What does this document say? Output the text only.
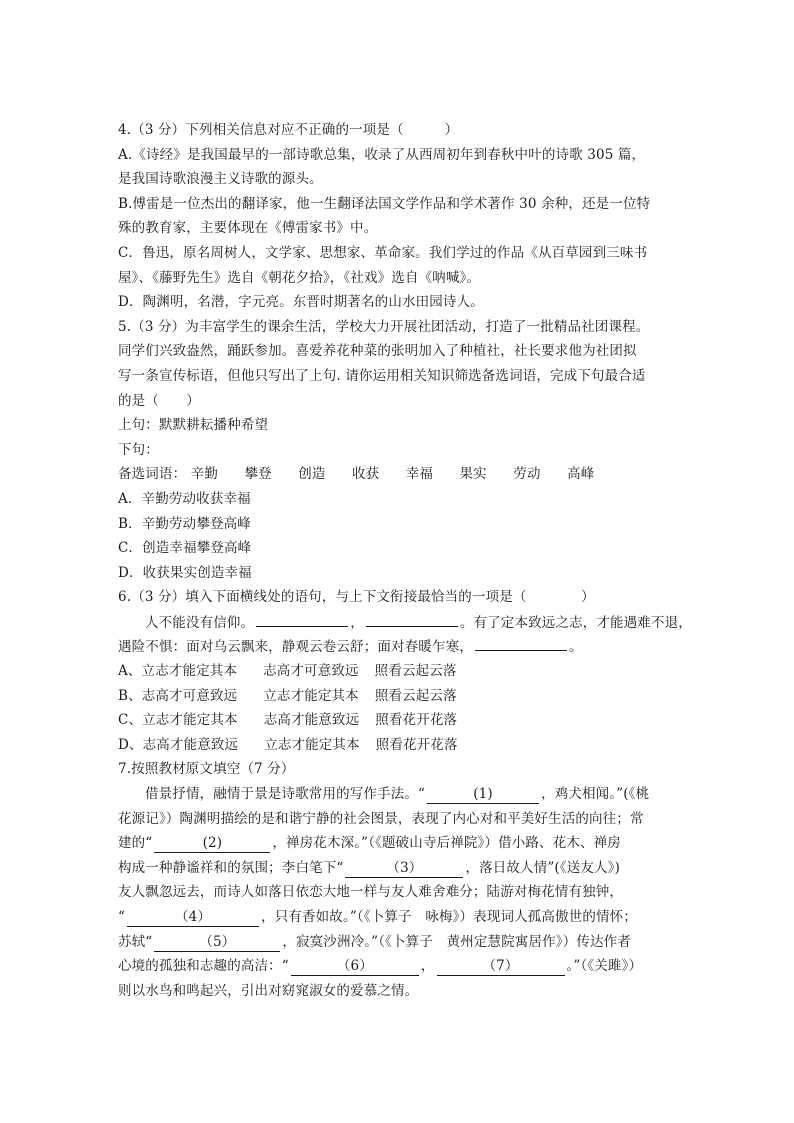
4.（3 分）下列相关信息对应不正确的一项是（　　　）
A.《诗经》是我国最早的一部诗歌总集，收录了从西周初年到春秋中叶的诗歌 305 篇，
是我国诗歌浪漫主义诗歌的源头。
B.傅雷是一位杰出的翻译家，他一生翻译法国文学作品和学术著作 30 余种，还是一位特
殊的教育家，主要体现在《傅雷家书》中。
C．鲁迅，原名周树人，文学家、思想家、革命家。我们学过的作品《从百草园到三味书
屋》、《藤野先生》选自《朝花夕拾》，《社戏》选自《呐喊》。
D．陶渊明，名潜，字元亮。东晋时期著名的山水田园诗人。
5.（3 分）为丰富学生的课余生活，学校大力开展社团活动，打造了一批精品社团课程。
同学们兴致盎然，踊跃参加。喜爱养花种菜的张明加入了种植社，社长要求他为社团拟
写一条宣传标语，但他只写出了上句. 请你运用相关知识筛选备选词语，完成下句最合适
的是（　　）
上句：默默耕耘播种希望
下句：
备选词语： 辛勤 攀登 创造 收获 幸福 果实 劳动 高峰
A．辛勤劳动收获幸福
B．辛勤劳动攀登高峰
C．创造幸福攀登高峰
D．收获果实创造幸福
6.（3 分）填入下面横线处的语句，与上下文衔接最恰当的一项是（　　　　）
人不能没有信仰。	，	。有了定本致远之志，才能遇难不退，
遇险不惧：面对乌云飘来，静观云卷云舒；面对春暖乍寒，	。
A、立志才能定其本 志高才可意致远 照看云起云落
B、志高才可意致远 立志才能定其本 照看云起云落
C、立志才能定其本 志高才能意致远 照看花开花落
D、志高才能意致远 立志才能定其本 照看花开花落
7.按照教材原文填空（7 分）
借景抒情，融情于景是诗歌常用的写作手法。“	(1)	，鸡犬相闻。”(《桃
花源记》）陶渊明描绘的是和谐宁静的社会图景，表现了内心对和平美好生活的向往；常
建的“	(2)	，禅房花木深。”（《题破山寺后禅院》）借小路、花木、禅房
构成一种静谧祥和的氛围；李白笔下“	（3）	，落日故人情”(《送友人》)
友人飘忽远去，而诗人如落日依恋大地一样与友人难舍难分；陆游对梅花情有独钟，
“	（4）	，只有香如故。”（《卜算子　咏梅》）表现词人孤高傲世的情怀；
苏轼“	（5）	，寂寞沙洲冷。”（《卜算子　黄州定慧院寓居作》）传达作者
心境的孤独和志趣的高洁：“	（6）	，	（7）	。”（《关雎》）
则以水鸟和鸣起兴，引出对窈窕淑女的爱慕之情。
